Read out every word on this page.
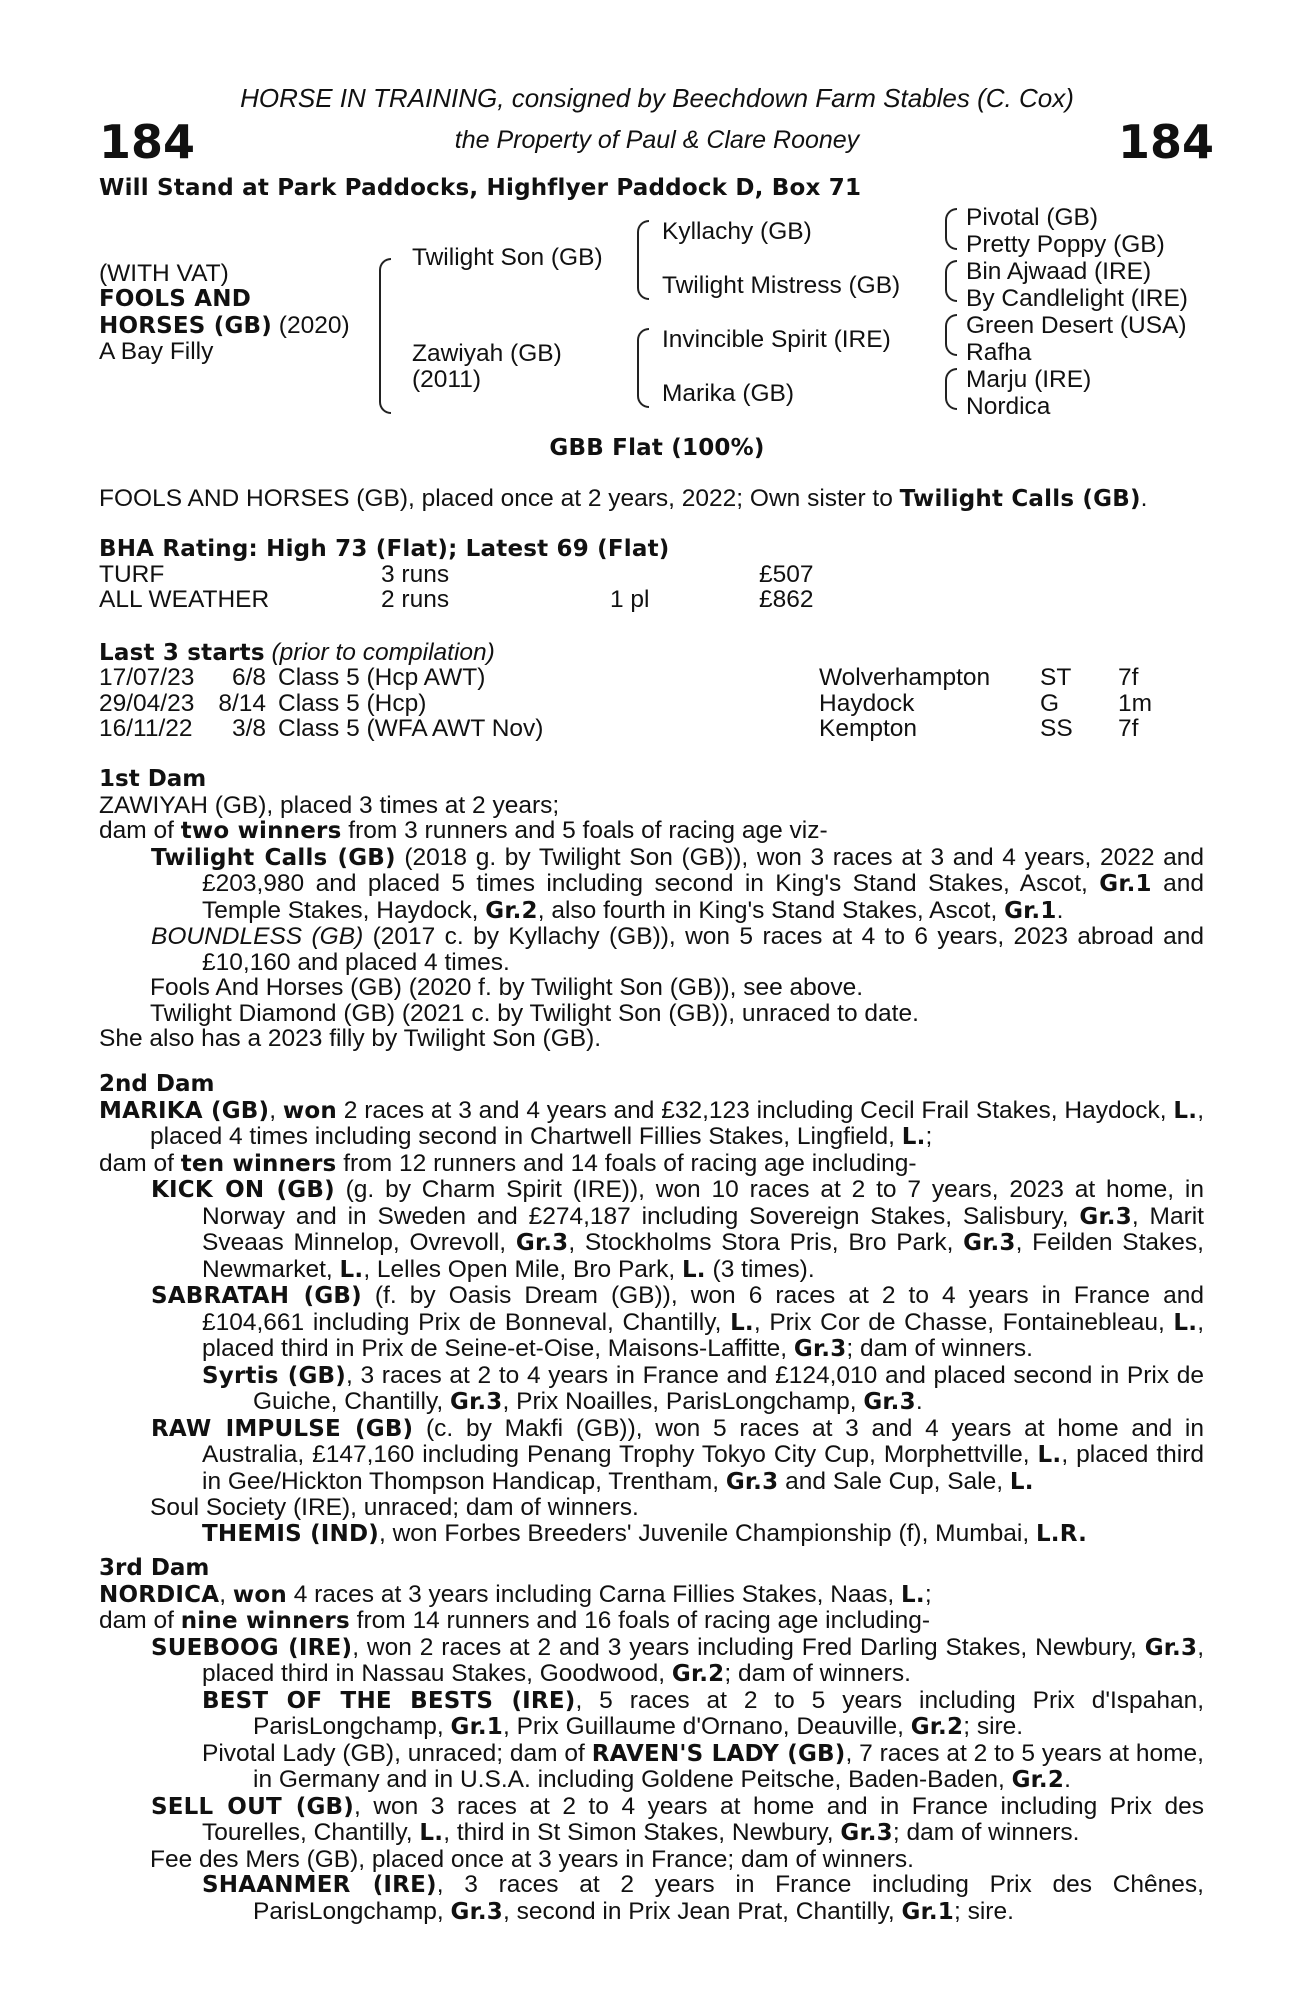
HORSE IN TRAINING, consigned by Beechdown Farm Stables (C. Cox)
the Property of Paul & Clare Rooney
184	184
Will Stand at Park Paddocks, Highflyer Paddock D, Box 71
(WITH VAT)
FOOLS AND
HORSES (GB) (2020)
A Bay Filly
Twilight Son (GB)
Zawiyah (GB)
(2011)
Kyllachy (GB)
Twilight Mistress (GB)
Invincible Spirit (IRE)
Marika (GB)
Pivotal (GB)
Pretty Poppy (GB)
Bin Ajwaad (IRE)
By Candlelight (IRE)
Green Desert (USA)
Rafha
Marju (IRE)
Nordica
GBB Flat (100%)
FOOLS AND HORSES (GB), placed once at 2 years, 2022; Own sister to Twilight Calls (GB).
BHA Rating: High 73 (Flat); Latest 69 (Flat)
TURF	3 runs	£507
ALL WEATHER	2 runs	1 pl	£862
Last 3 starts (prior to compilation)
17/07/23	6/8 Class 5 (Hcp AWT)	Wolverhampton	ST	7f
29/04/23 8/14 Class 5 (Hcp)	Haydock	G	1m
16/11/22	3/8 Class 5 (WFA AWT Nov)	Kempton	SS	7f
1st Dam
ZAWIYAH (GB), placed 3 times at 2 years;
dam of two winners from 3 runners and 5 foals of racing age viz-
Twilight Calls (GB) (2018 g. by Twilight Son (GB)), won 3 races at 3 and 4 years, 2022 and £203,980 and placed 5 times including second in King's Stand Stakes, Ascot, Gr.1 and Temple Stakes, Haydock, Gr.2, also fourth in King's Stand Stakes, Ascot, Gr.1.
BOUNDLESS (GB) (2017 c. by Kyllachy (GB)), won 5 races at 4 to 6 years, 2023 abroad and £10,160 and placed 4 times.
Fools And Horses (GB) (2020 f. by Twilight Son (GB)), see above.
Twilight Diamond (GB) (2021 c. by Twilight Son (GB)), unraced to date.
She also has a 2023 filly by Twilight Son (GB).
2nd Dam
MARIKA (GB), won 2 races at 3 and 4 years and £32,123 including Cecil Frail Stakes, Haydock, L., placed 4 times including second in Chartwell Fillies Stakes, Lingfield, L.;
dam of ten winners from 12 runners and 14 foals of racing age including-
KICK ON (GB) (g. by Charm Spirit (IRE)), won 10 races at 2 to 7 years, 2023 at home, in Norway and in Sweden and £274,187 including Sovereign Stakes, Salisbury, Gr.3, Marit Sveaas Minnelop, Ovrevoll, Gr.3, Stockholms Stora Pris, Bro Park, Gr.3, Feilden Stakes, Newmarket, L., Lelles Open Mile, Bro Park, L. (3 times).
SABRATAH (GB) (f. by Oasis Dream (GB)), won 6 races at 2 to 4 years in France and £104,661 including Prix de Bonneval, Chantilly, L., Prix Cor de Chasse, Fontainebleau, L., placed third in Prix de Seine-et-Oise, Maisons-Laffitte, Gr.3; dam of winners.
Syrtis (GB), 3 races at 2 to 4 years in France and £124,010 and placed second in Prix de Guiche, Chantilly, Gr.3, Prix Noailles, ParisLongchamp, Gr.3.
RAW IMPULSE (GB) (c. by Makfi (GB)), won 5 races at 3 and 4 years at home and in Australia, £147,160 including Penang Trophy Tokyo City Cup, Morphettville, L., placed third in Gee/Hickton Thompson Handicap, Trentham, Gr.3 and Sale Cup, Sale, L.
Soul Society (IRE), unraced; dam of winners.
THEMIS (IND), won Forbes Breeders' Juvenile Championship (f), Mumbai, L.R.
3rd Dam
NORDICA, won 4 races at 3 years including Carna Fillies Stakes, Naas, L.;
dam of nine winners from 14 runners and 16 foals of racing age including-
SUEBOOG (IRE), won 2 races at 2 and 3 years including Fred Darling Stakes, Newbury, Gr.3, placed third in Nassau Stakes, Goodwood, Gr.2; dam of winners.
BEST OF THE BESTS (IRE), 5 races at 2 to 5 years including Prix d'Ispahan, ParisLongchamp, Gr.1, Prix Guillaume d'Ornano, Deauville, Gr.2; sire.
Pivotal Lady (GB), unraced; dam of RAVEN'S LADY (GB), 7 races at 2 to 5 years at home, in Germany and in U.S.A. including Goldene Peitsche, Baden-Baden, Gr.2.
SELL OUT (GB), won 3 races at 2 to 4 years at home and in France including Prix des Tourelles, Chantilly, L., third in St Simon Stakes, Newbury, Gr.3; dam of winners.
Fee des Mers (GB), placed once at 3 years in France; dam of winners.
SHAANMER (IRE), 3 races at 2 years in France including Prix des Chênes, ParisLongchamp, Gr.3, second in Prix Jean Prat, Chantilly, Gr.1; sire.
